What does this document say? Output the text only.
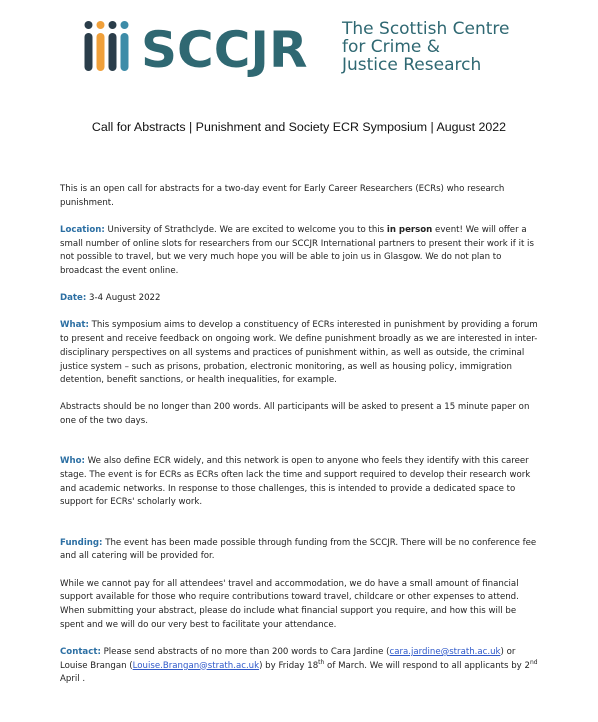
SCCJR The Scottish Centre
for Crime &
Justice Research
Call for Abstracts | Punishment and Society ECR Symposium | August 2022

This is an open call for abstracts for a two-day event for Early Career Researchers (ECRs) who research punishment.

Location: University of Strathclyde. We are excited to welcome you to this in person event! We will offer a small number of online slots for researchers from our SCCJR International partners to present their work if it is not possible to travel, but we very much hope you will be able to join us in Glasgow. We do not plan to broadcast the event online.

Date: 3-4 August 2022

What: This symposium aims to develop a constituency of ECRs interested in punishment by providing a forum to present and receive feedback on ongoing work. We define punishment broadly as we are interested in inter-disciplinary perspectives on all systems and practices of punishment within, as well as outside, the criminal justice system – such as prisons, probation, electronic monitoring, as well as housing policy, immigration detention, benefit sanctions, or health inequalities, for example.

Abstracts should be no longer than 200 words. All participants will be asked to present a 15 minute paper on one of the two days.

Who: We also define ECR widely, and this network is open to anyone who feels they identify with this career stage. The event is for ECRs as ECRs often lack the time and support required to develop their research work and academic networks. In response to those challenges, this is intended to provide a dedicated space to support for ECRs' scholarly work.

Funding: The event has been made possible through funding from the SCCJR. There will be no conference fee and all catering will be provided for.

While we cannot pay for all attendees' travel and accommodation, we do have a small amount of financial support available for those who require contributions toward travel, childcare or other expenses to attend. When submitting your abstract, please do include what financial support you require, and how this will be spent and we will do our very best to facilitate your attendance.

Contact: Please send abstracts of no more than 200 words to Cara Jardine (cara.jardine@strath.ac.uk) or Louise Brangan (Louise.Brangan@strath.ac.uk) by Friday 18th of March. We will respond to all applicants by 2nd April .
